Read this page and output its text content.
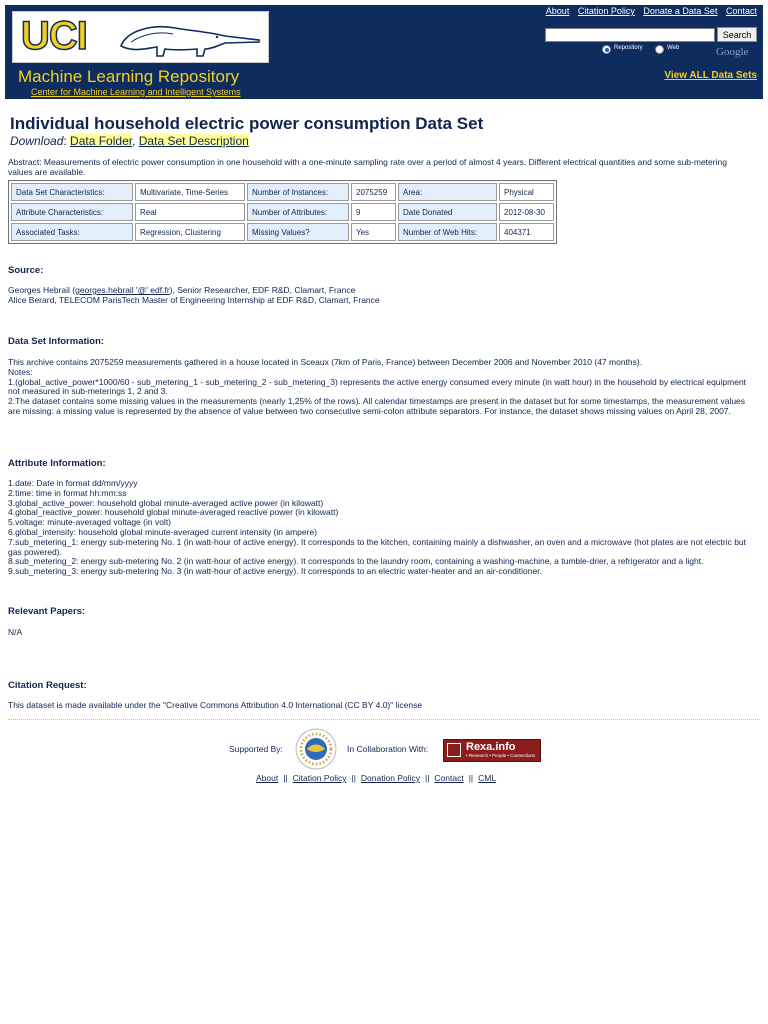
UCI
Machine Learning Repository
Center for Machine Learning and Intelligent Systems
About Citation Policy Donate a Data Set Contact
Search
Repository	Web	Google
View ALL Data Sets
Individual household electric power consumption Data Set
Download: Data Folder, Data Set Description

Abstract: Measurements of electric power consumption in one household with a one-minute sampling rate over a period of almost 4 years. Different electrical quantities and some sub-metering values are available.

Data Set Characteristics:	Multivariate, Time-Series	Number of Instances:	2075259	Area:	Physical
Attribute Characteristics:	Real	Number of Attributes:	9	Date Donated	2012-08-30
Associated Tasks:	Regression, Clustering	Missing Values?	Yes	Number of Web Hits:	404371
Source:
Georges Hebrail (georges.hebrail '@' edf.fr), Senior Researcher, EDF R&D, Clamart, France
Alice Berard, TELECOM ParisTech Master of Engineering Internship at EDF R&D, Clamart, France
Data Set Information:
This archive contains 2075259 measurements gathered in a house located in Sceaux (7km of Paris, France) between December 2006 and November 2010 (47 months).
Notes:
1.(global_active_power*1000/60 - sub_metering_1 - sub_metering_2 - sub_metering_3) represents the active energy consumed every minute (in watt hour) in the household by electrical equipment not measured in sub-meterings 1, 2 and 3.
2.The dataset contains some missing values in the measurements (nearly 1,25% of the rows). All calendar timestamps are present in the dataset but for some timestamps, the measurement values are missing: a missing value is represented by the absence of value between two consecutive semi-colon attribute separators. For instance, the dataset shows missing values on April 28, 2007.
Attribute Information:
1.date: Date in format dd/mm/yyyy
2.time: time in format hh:mm:ss
3.global_active_power: household global minute-averaged active power (in kilowatt)
4.global_reactive_power: household global minute-averaged reactive power (in kilowatt)
5.voltage: minute-averaged voltage (in volt)
6.global_intensity: household global minute-averaged current intensity (in ampere)
7.sub_metering_1: energy sub-metering No. 1 (in watt-hour of active energy). It corresponds to the kitchen, containing mainly a dishwasher, an oven and a microwave (hot plates are not electric but gas powered).
8.sub_metering_2: energy sub-metering No. 2 (in watt-hour of active energy). It corresponds to the laundry room, containing a washing-machine, a tumble-drier, a refrigerator and a light.
9.sub_metering_3: energy sub-metering No. 3 (in watt-hour of active energy). It corresponds to an electric water-heater and an air-conditioner.
Relevant Papers:
N/A
Citation Request:
This dataset is made available under the "Creative Commons Attribution 4.0 International (CC BY 4.0)" license
Supported By:	In Collaboration With:	Rexa.info
• Research • People • Connections
About || Citation Policy || Donation Policy || Contact || CML
